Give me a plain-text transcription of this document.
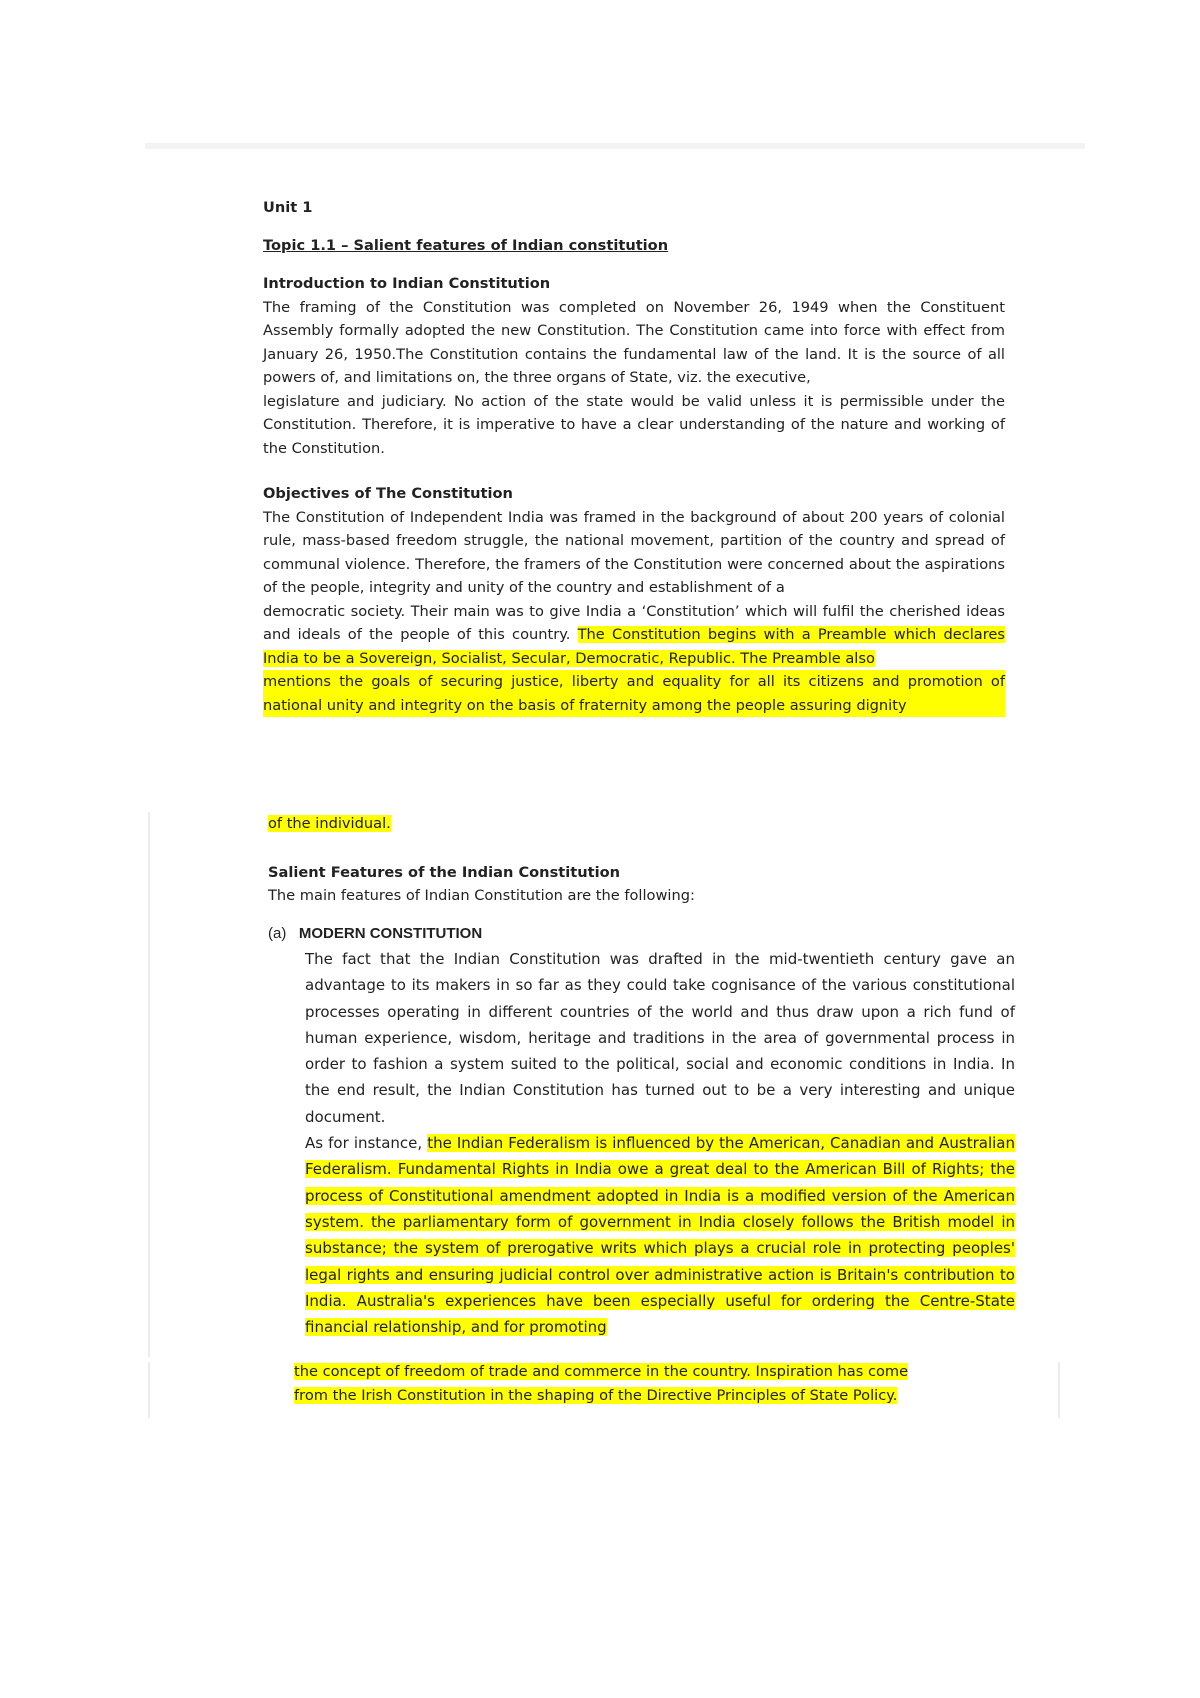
Unit 1

Topic 1.1 – Salient features of Indian constitution

Introduction to Indian Constitution

The framing of the Constitution was completed on November 26, 1949 when the Constituent Assembly formally adopted the new Constitution. The Constitution came into force with effect from January 26, 1950.The Constitution contains the fundamental law of the land. It is the source of all powers of, and limitations on, the three organs of State, viz. the executive,

legislature and judiciary. No action of the state would be valid unless it is permissible under the Constitution. Therefore, it is imperative to have a clear understanding of the nature and working of the Constitution.

Objectives of The Constitution

The Constitution of Independent India was framed in the background of about 200 years of colonial rule, mass-based freedom struggle, the national movement, partition of the country and spread of communal violence. Therefore, the framers of the Constitution were concerned about the aspirations of the people, integrity and unity of the country and establishment of a

democratic society. Their main was to give India a ‘Constitution’ which will fulfil the cherished ideas and ideals of the people of this country. The Constitution begins with a Preamble which declares India to be a Sovereign, Socialist, Secular, Democratic, Republic. The Preamble also

mentions the goals of securing justice, liberty and equality for all its citizens and promotion of national unity and integrity on the basis of fraternity among the people assuring dignity

of the individual.

Salient Features of the Indian Constitution

The main features of Indian Constitution are the following:

(a) MODERN CONSTITUTION

The fact that the Indian Constitution was drafted in the mid-twentieth century gave an advantage to its makers in so far as they could take cognisance of the various constitutional processes operating in different countries of the world and thus draw upon a rich fund of human experience, wisdom, heritage and traditions in the area of governmental process in order to fashion a system suited to the political, social and economic conditions in India. In the end result, the Indian Constitution has turned out to be a very interesting and unique document.

As for instance, the Indian Federalism is influenced by the American, Canadian and Australian Federalism. Fundamental Rights in India owe a great deal to the American Bill of Rights; the process of Constitutional amendment adopted in India is a modified version of the American system. the parliamentary form of government in India closely follows the British model in substance; the system of prerogative writs which plays a crucial role in protecting peoples' legal rights and ensuring judicial control over administrative action is Britain's contribution to India. Australia's experiences have been especially useful for ordering the Centre-State financial relationship, and for promoting

the concept of freedom of trade and commerce in the country. Inspiration has come

from the Irish Constitution in the shaping of the Directive Principles of State Policy.
